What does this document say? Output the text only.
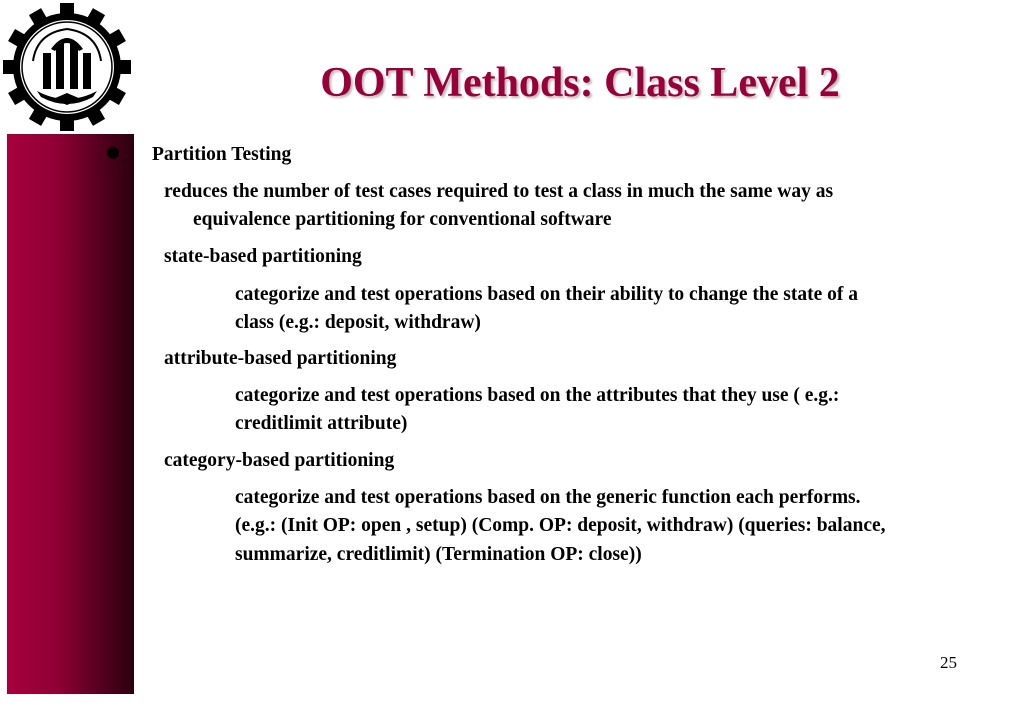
OOT Methods: Class Level 2

Partition Testing

reduces the number of test cases required to test a class in much the same way as

equivalence partitioning for conventional software

state-based partitioning

categorize and test operations based on their ability to change the state of a

class (e.g.: deposit, withdraw)

attribute-based partitioning

categorize and test operations based on the attributes that they use ( e.g.:

creditlimit attribute)

category-based partitioning

categorize and test operations based on the generic function each performs.

(e.g.: (Init OP: open , setup) (Comp. OP: deposit, withdraw) (queries: balance,

summarize, creditlimit) (Termination OP: close))

25
